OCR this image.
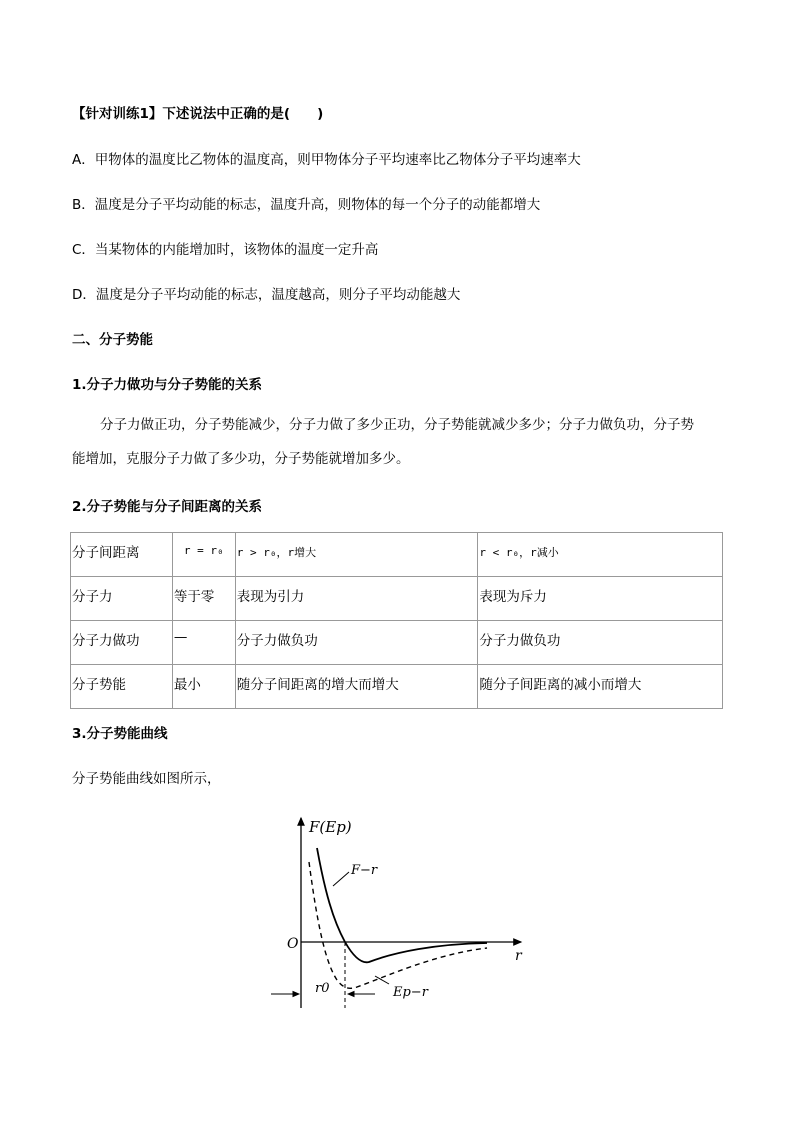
【针对训练1】下述说法中正确的是(　　)
A．甲物体的温度比乙物体的温度高，则甲物体分子平均速率比乙物体分子平均速率大
B．温度是分子平均动能的标志，温度升高，则物体的每一个分子的动能都增大
C．当某物体的内能增加时，该物体的温度一定升高
D．温度是分子平均动能的标志，温度越高，则分子平均动能越大
二、分子势能
1.分子力做功与分子势能的关系
分子力做正功，分子势能减少，分子力做了多少正功，分子势能就减少多少；分子力做负功，分子势
能增加，克服分子力做了多少功，分子势能就增加多少。
2.分子势能与分子间距离的关系
分子间距离	r = r₀	r > r₀，r增大	r < r₀，r减小
分子力	等于零	表现为引力	表现为斥力
分子力做功	—	分子力做负功	分子力做负功
分子势能	最小	随分子间距离的增大而增大	随分子间距离的减小而增大
3.分子势能曲线
分子势能曲线如图所示，
F(Ep)
O
r
F−r
Ep−r
r0
